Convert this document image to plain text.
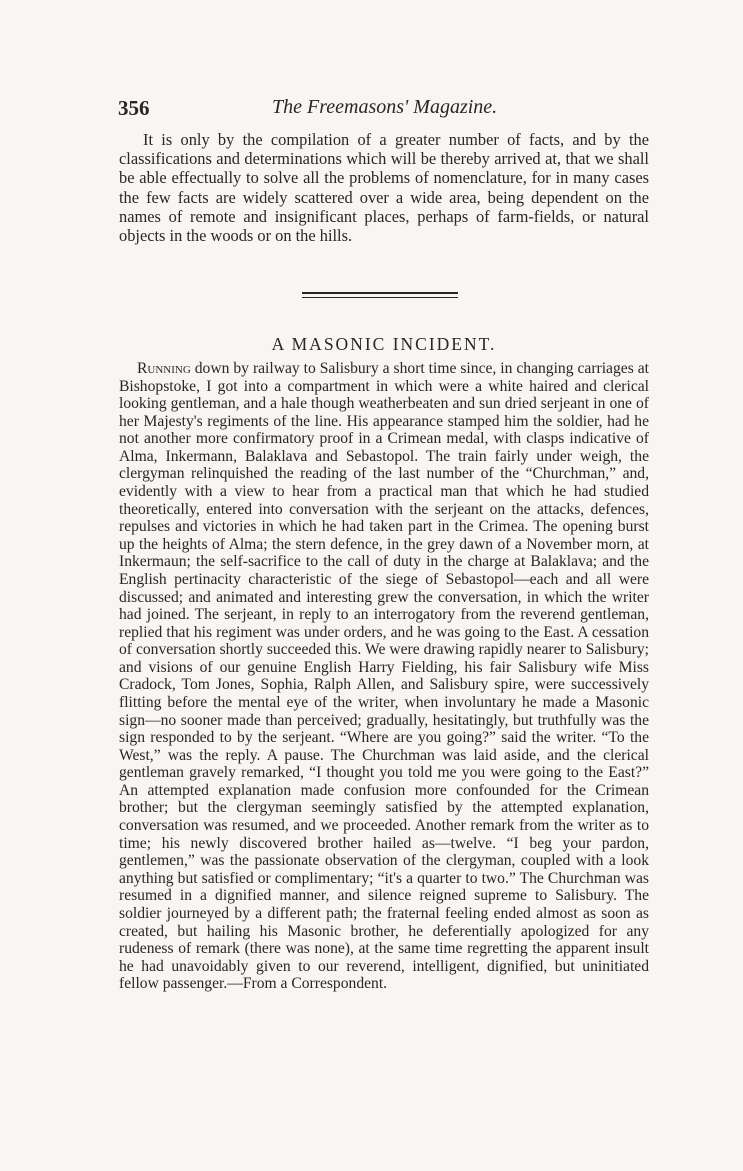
356	The Freemasons' Magazine.

It is only by the compilation of a greater number of facts, and by the classifications and determinations which will be thereby arrived at, that we shall be able effectually to solve all the problems of nomenclature, for in many cases the few facts are widely scattered over a wide area, being dependent on the names of remote and insignificant places, perhaps of farm-fields, or natural objects in the woods or on the hills.

A MASONIC INCIDENT.

Running down by railway to Salisbury a short time since, in changing carriages at Bishopstoke, I got into a compartment in which were a white haired and clerical looking gentleman, and a hale though weatherbeaten and sun dried serjeant in one of her Majesty's regiments of the line. His appearance stamped him the soldier, had he not another more confirmatory proof in a Crimean medal, with clasps indicative of Alma, Inkermann, Balaklava and Sebastopol. The train fairly under weigh, the clergyman relinquished the reading of the last number of the “Churchman,” and, evidently with a view to hear from a practical man that which he had studied theoretically, entered into conversation with the serjeant on the attacks, defences, repulses and victories in which he had taken part in the Crimea. The opening burst up the heights of Alma; the stern defence, in the grey dawn of a November morn, at Inkermaun; the self-sacrifice to the call of duty in the charge at Balaklava; and the English pertinacity characteristic of the siege of Sebastopol—each and all were discussed; and animated and interesting grew the conversation, in which the writer had joined. The serjeant, in reply to an interrogatory from the reverend gentleman, replied that his regiment was under orders, and he was going to the East. A cessation of conversation shortly succeeded this. We were drawing rapidly nearer to Salisbury; and visions of our genuine English Harry Fielding, his fair Salisbury wife Miss Cradock, Tom Jones, Sophia, Ralph Allen, and Salisbury spire, were successively flitting before the mental eye of the writer, when involuntary he made a Masonic sign—no sooner made than perceived; gradually, hesitatingly, but truthfully was the sign responded to by the serjeant. “Where are you going?” said the writer. “To the West,” was the reply. A pause. The Churchman was laid aside, and the clerical gentleman gravely remarked, “I thought you told me you were going to the East?” An attempted explanation made confusion more confounded for the Crimean brother; but the clergyman seemingly satisfied by the attempted explanation, conversation was resumed, and we proceeded. Another remark from the writer as to time; his newly discovered brother hailed as—twelve. “I beg your pardon, gentlemen,” was the passionate observation of the clergyman, coupled with a look anything but satisfied or complimentary; “it's a quarter to two.” The Churchman was resumed in a dignified manner, and silence reigned supreme to Salisbury. The soldier journeyed by a different path; the fraternal feeling ended almost as soon as created, but hailing his Masonic brother, he deferentially apologized for any rudeness of remark (there was none), at the same time regretting the apparent insult he had unavoidably given to our reverend, intelligent, dignified, but uninitiated fellow passenger.—From a Correspondent.
